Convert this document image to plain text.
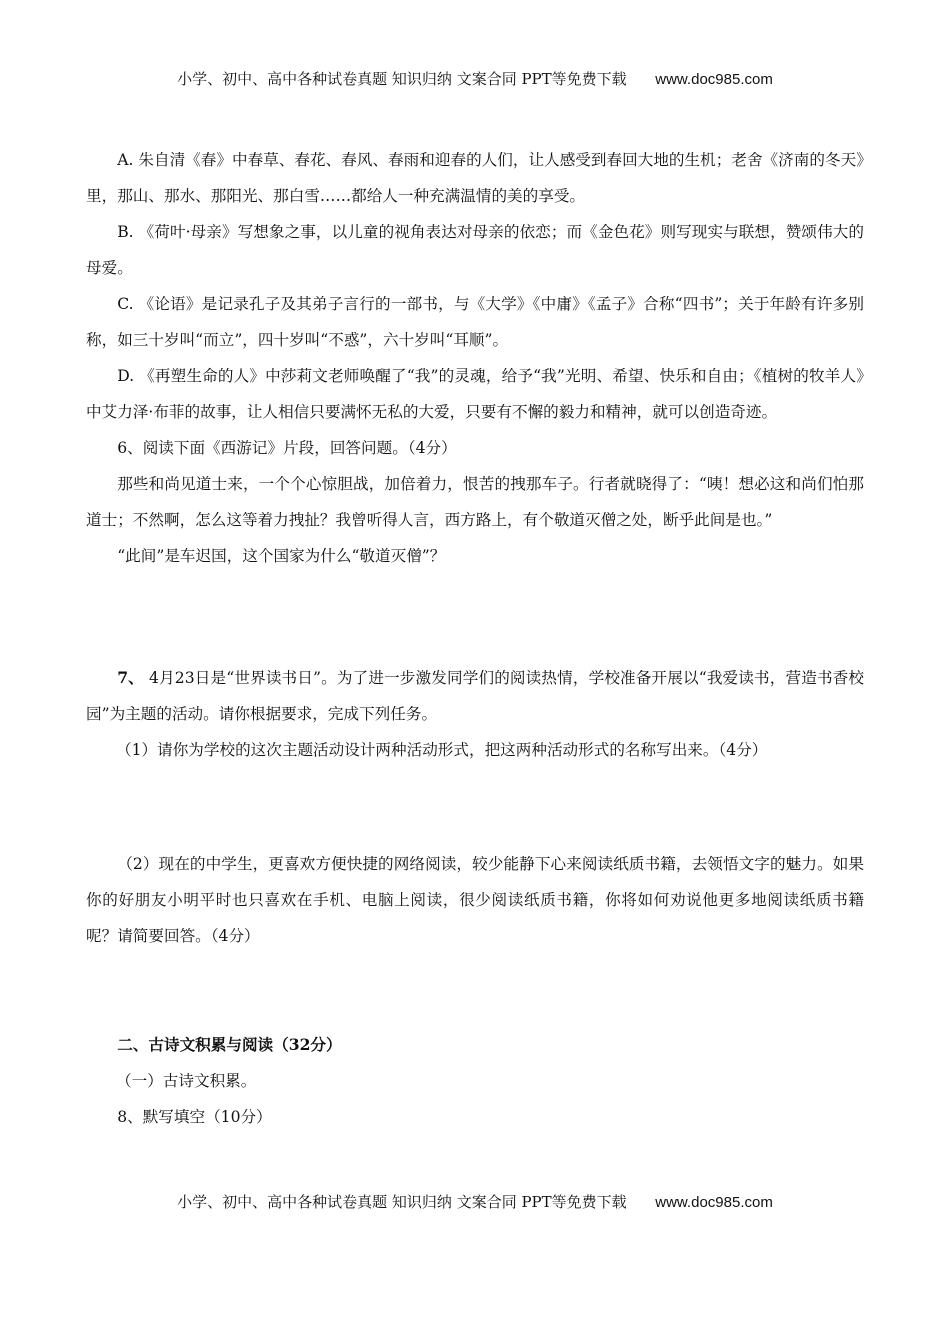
小学、初中、高中各种试卷真题 知识归纳 文案合同 PPT等免费下载 www.doc985.com

A. 朱自清《春》中春草、春花、春风、春雨和迎春的人们，让人感受到春回大地的生机；老舍《济南的冬天》里，那山、那水、那阳光、那白雪……都给人一种充满温情的美的享受。

B. 《荷叶·母亲》写想象之事，以儿童的视角表达对母亲的依恋；而《金色花》则写现实与联想，赞颂伟大的母爱。

C. 《论语》是记录孔子及其弟子言行的一部书，与《大学》《中庸》《孟子》合称“四书”；关于年龄有许多别称，如三十岁叫“而立”，四十岁叫“不惑”，六十岁叫“耳顺”。

D. 《再塑生命的人》中莎莉文老师唤醒了“我”的灵魂，给予“我”光明、希望、快乐和自由；《植树的牧羊人》中艾力泽·布菲的故事，让人相信只要满怀无私的大爱，只要有不懈的毅力和精神，就可以创造奇迹。

6、阅读下面《西游记》片段，回答问题。（4分）

那些和尚见道士来，一个个心惊胆战，加倍着力，恨苦的拽那车子。行者就晓得了：“咦！想必这和尚们怕那道士；不然啊，怎么这等着力拽扯？我曾听得人言，西方路上，有个敬道灭僧之处，断乎此间是也。”

“此间”是车迟国，这个国家为什么“敬道灭僧”？

7、 4月23日是“世界读书日”。为了进一步激发同学们的阅读热情，学校准备开展以“我爱读书，营造书香校园”为主题的活动。请你根据要求，完成下列任务。

（1）请你为学校的这次主题活动设计两种活动形式，把这两种活动形式的名称写出来。（4分）

（2）现在的中学生，更喜欢方便快捷的网络阅读，较少能静下心来阅读纸质书籍，去领悟文字的魅力。如果你的好朋友小明平时也只喜欢在手机、电脑上阅读，很少阅读纸质书籍，你将如何劝说他更多地阅读纸质书籍呢？请简要回答。（4分）

二、古诗文积累与阅读（32分）

（一）古诗文积累。

8、默写填空（10分）

小学、初中、高中各种试卷真题 知识归纳 文案合同 PPT等免费下载 www.doc985.com
